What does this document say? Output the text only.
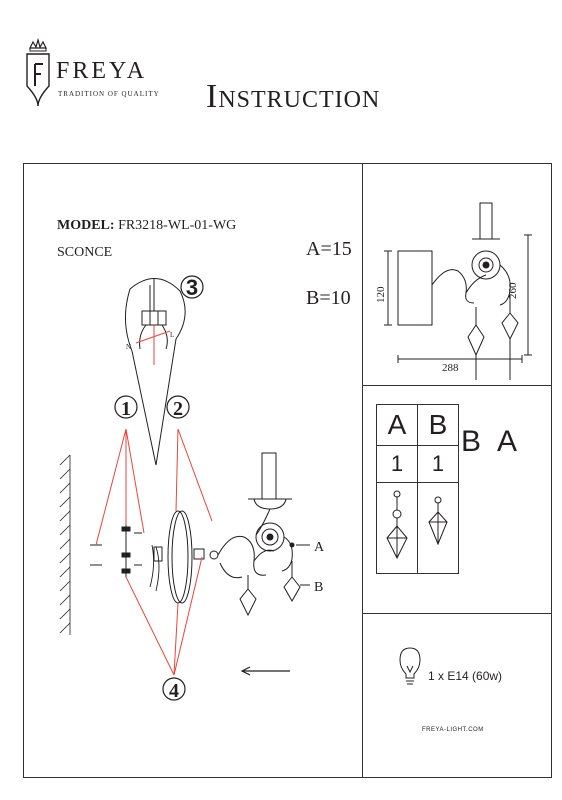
FREYA
TRADITION OF QUALITY Instruction
MODEL: FR3218-WL-01-WG
SCONCE	A=15
B=10
A
B
N
L
3
1 2
4
120
288
260
B A
A	B
1	1

1 x E14 (60w)
FREYA-LIGHT.COM
